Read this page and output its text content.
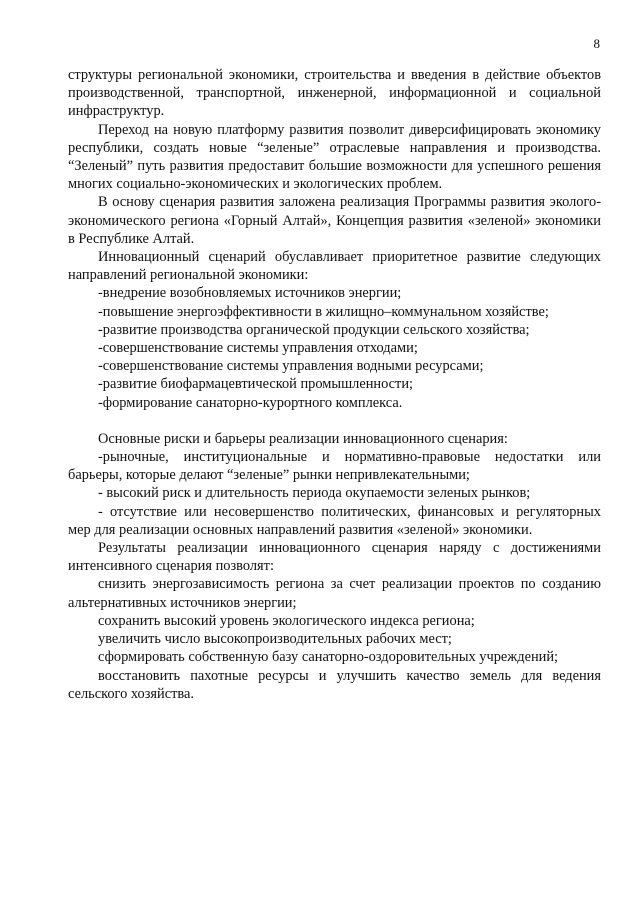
8

структуры региональной экономики, строительства и введения в действие объектов производственной, транспортной, инженерной, информационной и социальной инфраструктур.

Переход на новую платформу развития позволит диверсифицировать экономику республики, создать новые “зеленые” отраслевые направления и производства. “Зеленый” путь развития предоставит большие возможности для успешного решения многих социально-экономических и экологических проблем.

В основу сценария развития заложена реализация Программы развития эколого-экономического региона «Горный Алтай», Концепция развития «зеленой» экономики в Республике Алтай.

Инновационный сценарий обуславливает приоритетное развитие следующих направлений региональной экономики:

-внедрение возобновляемых источников энергии;

-повышение энергоэффективности в жилищно–коммунальном хозяйстве;

-развитие производства органической продукции сельского хозяйства;

-совершенствование системы управления отходами;

-совершенствование системы управления водными ресурсами;

-развитие биофармацевтической промышленности;

-формирование санаторно-курортного комплекса.

Основные риски и барьеры реализации инновационного сценария:

-рыночные, институциональные и нормативно-правовые недостатки или барьеры, которые делают “зеленые” рынки непривлекательными;

- высокий риск и длительность периода окупаемости зеленых рынков;

- отсутствие или несовершенство политических, финансовых и регуляторных мер для реализации основных направлений развития «зеленой» экономики.

Результаты реализации инновационного сценария наряду с достижениями интенсивного сценария позволят:

снизить энергозависимость региона за счет реализации проектов по созданию альтернативных источников энергии;

сохранить высокий уровень экологического индекса региона;

увеличить число высокопроизводительных рабочих мест;

сформировать собственную базу санаторно-оздоровительных учреждений;

восстановить пахотные ресурсы и улучшить качество земель для ведения сельского хозяйства.
